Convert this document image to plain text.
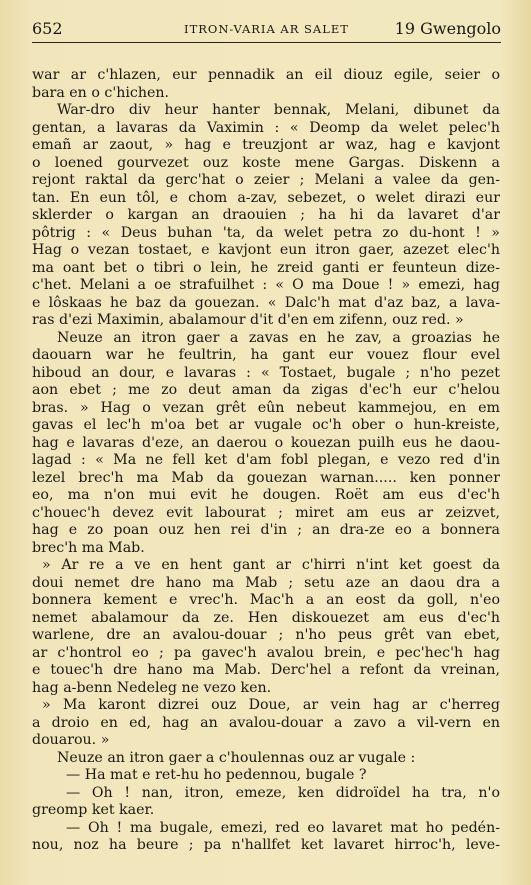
652	ITRON-VARIA AR SALET	19 Gwengolo
war ar c'hlazen, eur pennadik an eil diouz egile, seier o
bara en o c'hichen.
War-dro div heur hanter bennak, Melani, dibunet da
gentan, a lavaras da Vaximin : « Deomp da welet pelec'h
emañ ar zaout, » hag e treuzjont ar waz, hag e kavjont
o loened gourvezet ouz koste mene Gargas. Diskenn a
rejont raktal da gerc'hat o zeier ; Melani a valee da gen-
tan. En eun tôl, e chom a-zav, sebezet, o welet dirazi eur
sklerder o kargan an draouien ; ha hi da lavaret d'ar
pôtrig : « Deus buhan 'ta, da welet petra zo du-hont ! »
Hag o vezan tostaet, e kavjont eun itron gaer, azezet elec'h
ma oant bet o tibri o lein, he zreid ganti er feunteun dize-
c'het. Melani a oe strafuilhet : « O ma Doue ! » emezi, hag
e lôskaas he baz da gouezan. « Dalc'h mat d'az baz, a lava-
ras d'ezi Maximin, abalamour d'it d'en em zifenn, ouz red. »
Neuze an itron gaer a zavas en he zav, a groazias he
daouarn war he feultrin, ha gant eur vouez flour evel
hiboud an dour, e lavaras : « Tostaet, bugale ; n'ho pezet
aon ebet ; me zo deut aman da zigas d'ec'h eur c'helou
bras. » Hag o vezan grêt eûn nebeut kammejou, en em
gavas el lec'h m'oa bet ar vugale oc'h ober o hun-kreiste,
hag e lavaras d'eze, an daerou o kouezan puilh eus he daou-
lagad : « Ma ne fell ket d'am fobl plegan, e vezo red d'in
lezel brec'h ma Mab da gouezan warnan..... ken ponner
eo, ma n'on mui evit he dougen. Roët am eus d'ec'h
c'houec'h devez evit labourat ; miret am eus ar zeizvet,
hag e zo poan ouz hen rei d'in ; an dra-ze eo a bonnera
brec'h ma Mab.
» Ar re a ve en hent gant ar c'hirri n'int ket goest da
doui nemet dre hano ma Mab ; setu aze an daou dra a
bonnera kement e vrec'h. Mac'h a an eost da goll, n'eo
nemet abalamour da ze. Hen diskouezet am eus d'ec'h
warlene, dre an avalou-douar ; n'ho peus grêt van ebet,
ar c'hontrol eo ; pa gavec'h avalou brein, e pec'hec'h hag
e touec'h dre hano ma Mab. Derc'hel a refont da vreinan,
hag a-benn Nedeleg ne vezo ken.
» Ma karont dizrei ouz Doue, ar vein hag ar c'herreg
a droio en ed, hag an avalou-douar a zavo a vil-vern en
douarou. »
Neuze an itron gaer a c'houlennas ouz ar vugale :
— Ha mat e ret-hu ho pedennou, bugale ?
— Oh ! nan, itron, emeze, ken didroïdel ha tra, n'o
greomp ket kaer.
— Oh ! ma bugale, emezi, red eo lavaret mat ho pedén-
nou, noz ha beure ; pa n'hallfet ket lavaret hirroc'h, leve-
